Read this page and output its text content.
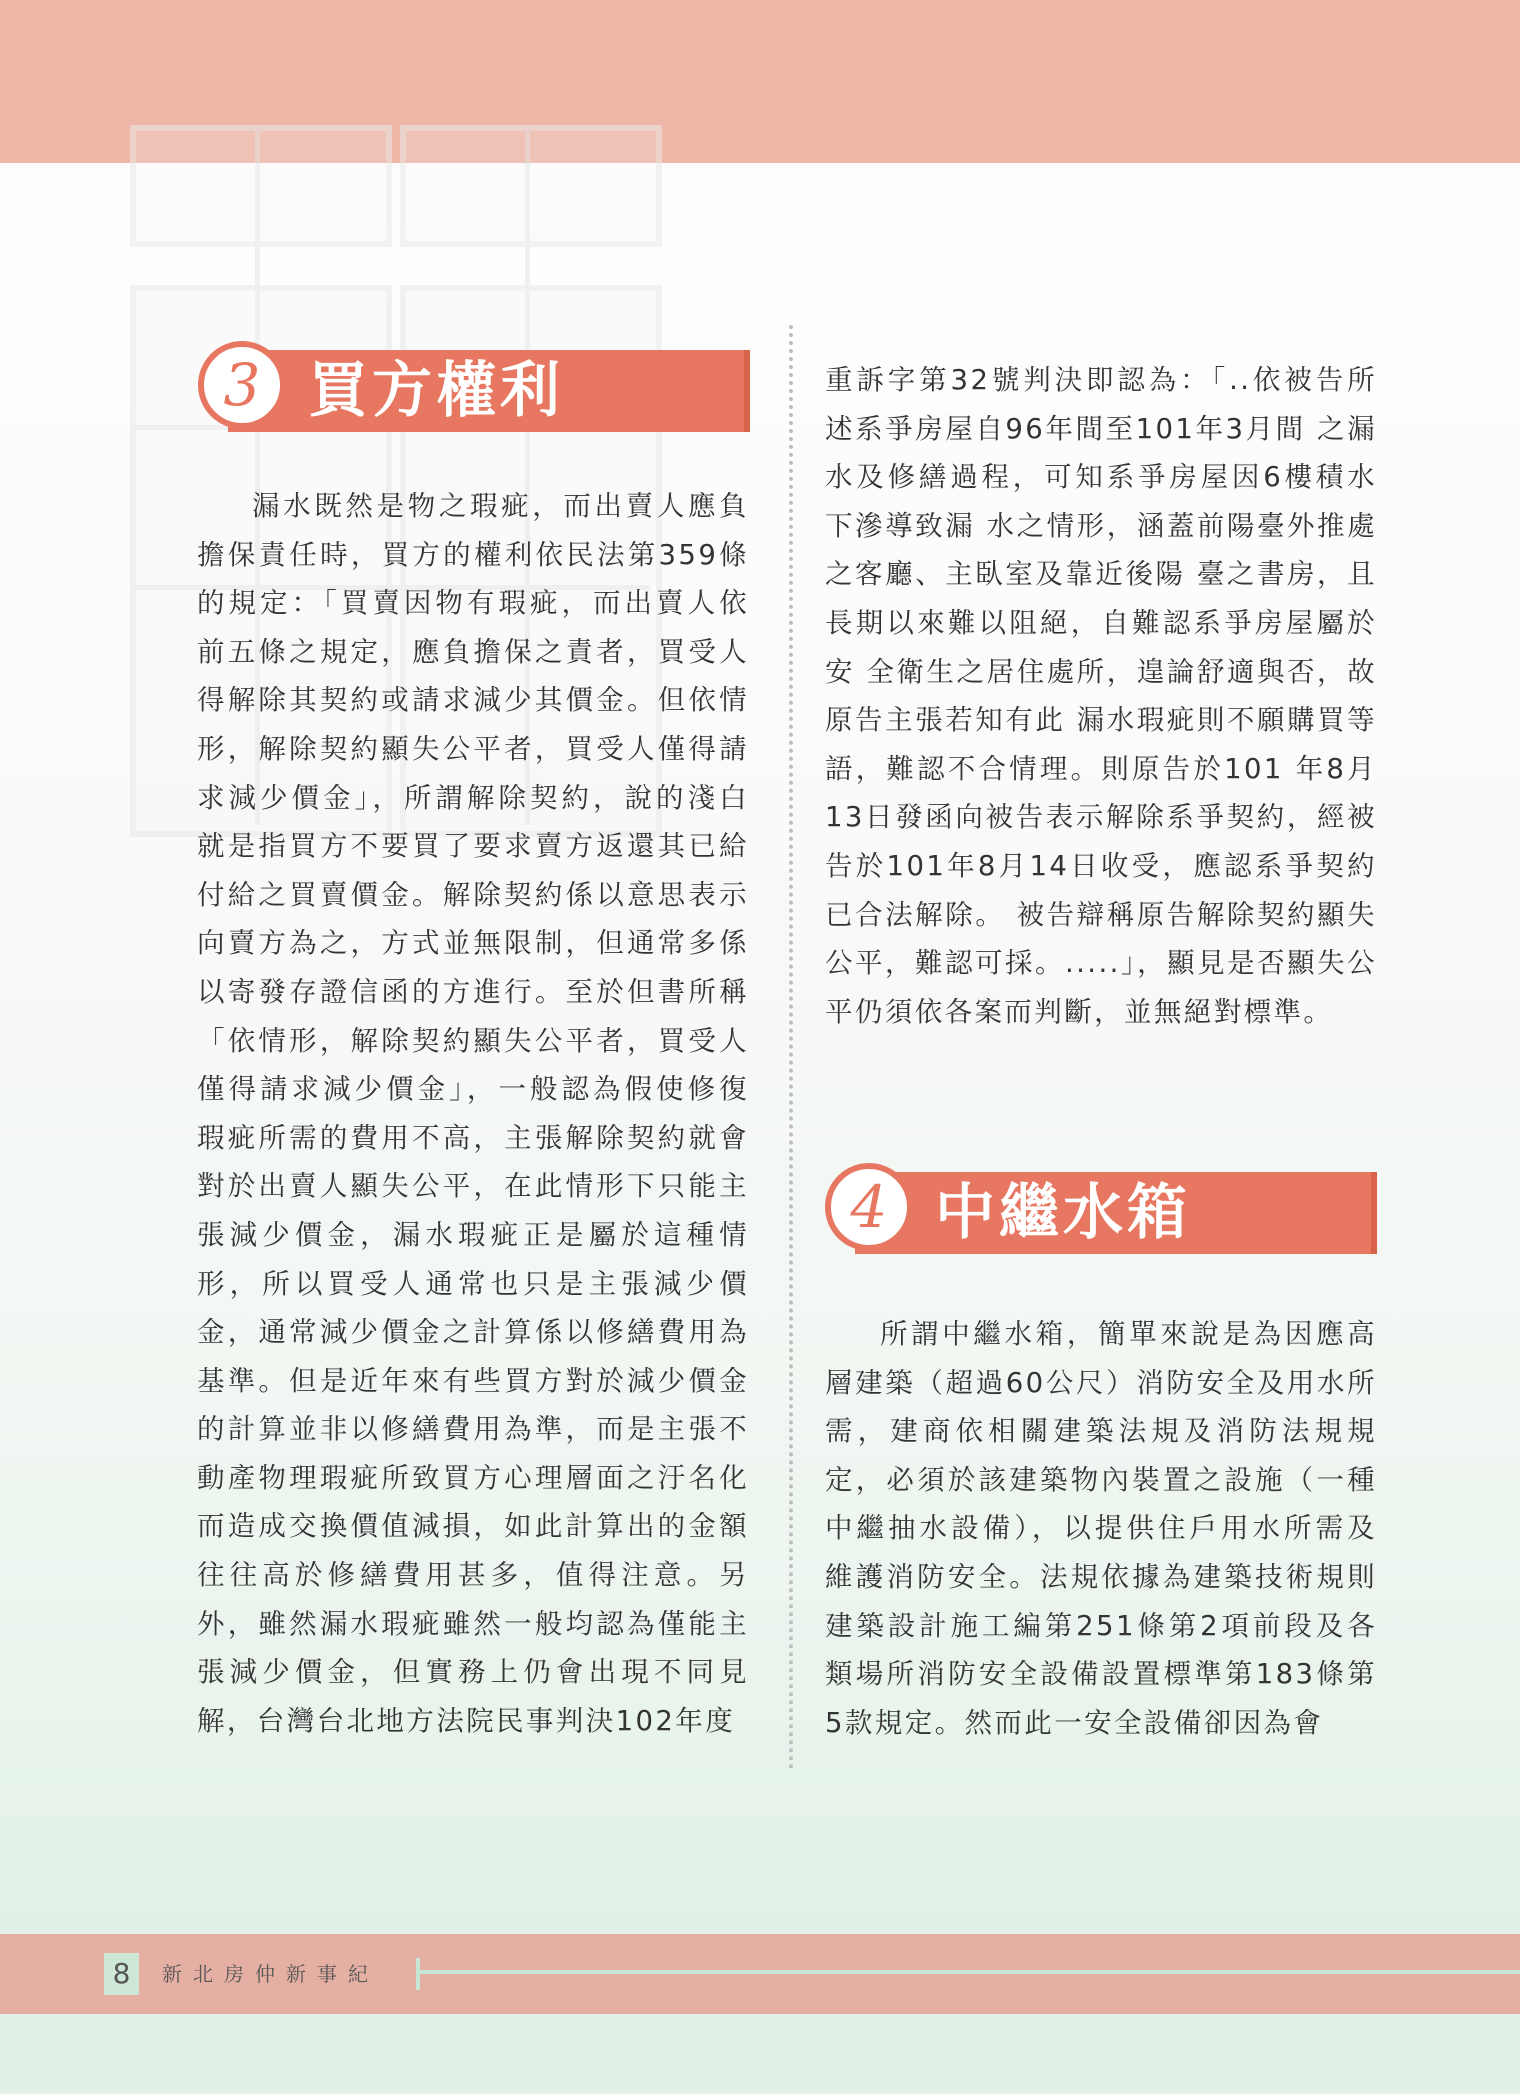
3 買方權利

漏水既然是物之瑕疵，而出賣人應負擔保責任時，買方的權利依民法第359條的規定：「買賣因物有瑕疵，而出賣人依前五條之規定，應負擔保之責者，買受人得解除其契約或請求減少其價金。但依情形，解除契約顯失公平者，買受人僅得請求減少價金」，所謂解除契約，說的淺白就是指買方不要買了要求賣方返還其已給付給之買賣價金。解除契約係以意思表示向賣方為之，方式並無限制，但通常多係以寄發存證信函的方進行。至於但書所稱「依情形，解除契約顯失公平者，買受人僅得請求減少價金」，一般認為假使修復瑕疵所需的費用不高，主張解除契約就會對於出賣人顯失公平，在此情形下只能主張減少價金，漏水瑕疵正是屬於這種情形，所以買受人通常也只是主張減少價金，通常減少價金之計算係以修繕費用為基準。但是近年來有些買方對於減少價金的計算並非以修繕費用為準，而是主張不動產物理瑕疵所致買方心理層面之汙名化而造成交換價值減損，如此計算出的金額往往高於修繕費用甚多，值得注意。另外，雖然漏水瑕疵雖然一般均認為僅能主張減少價金，但實務上仍會出現不同見解，台灣台北地方法院民事判決102年度

重訴字第32號判決即認為：「..依被告所述系爭房屋自96年間至101年3月間 之漏水及修繕過程，可知系爭房屋因6樓積水下滲導致漏 水之情形，涵蓋前陽臺外推處之客廳、主臥室及靠近後陽 臺之書房，且長期以來難以阻絕，自難認系爭房屋屬於安 全衛生之居住處所，遑論舒適與否，故原告主張若知有此 漏水瑕疵則不願購買等語，難認不合情理。則原告於101 年8月13日發函向被告表示解除系爭契約，經被告於101年8月14日收受，應認系爭契約已合法解除。 被告辯稱原告解除契約顯失公平，難認可採。.....」，顯見是否顯失公平仍須依各案而判斷，並無絕對標準。

4 中繼水箱

所謂中繼水箱，簡單來說是為因應高層建築（超過60公尺）消防安全及用水所需，建商依相關建築法規及消防法規規定，必須於該建築物內裝置之設施（一種中繼抽水設備），以提供住戶用水所需及維護消防安全。法規依據為建築技術規則建築設計施工編第251條第2項前段及各類場所消防安全設備設置標準第183條第5款規定。然而此一安全設備卻因為會

8	新北房仲新事紀
